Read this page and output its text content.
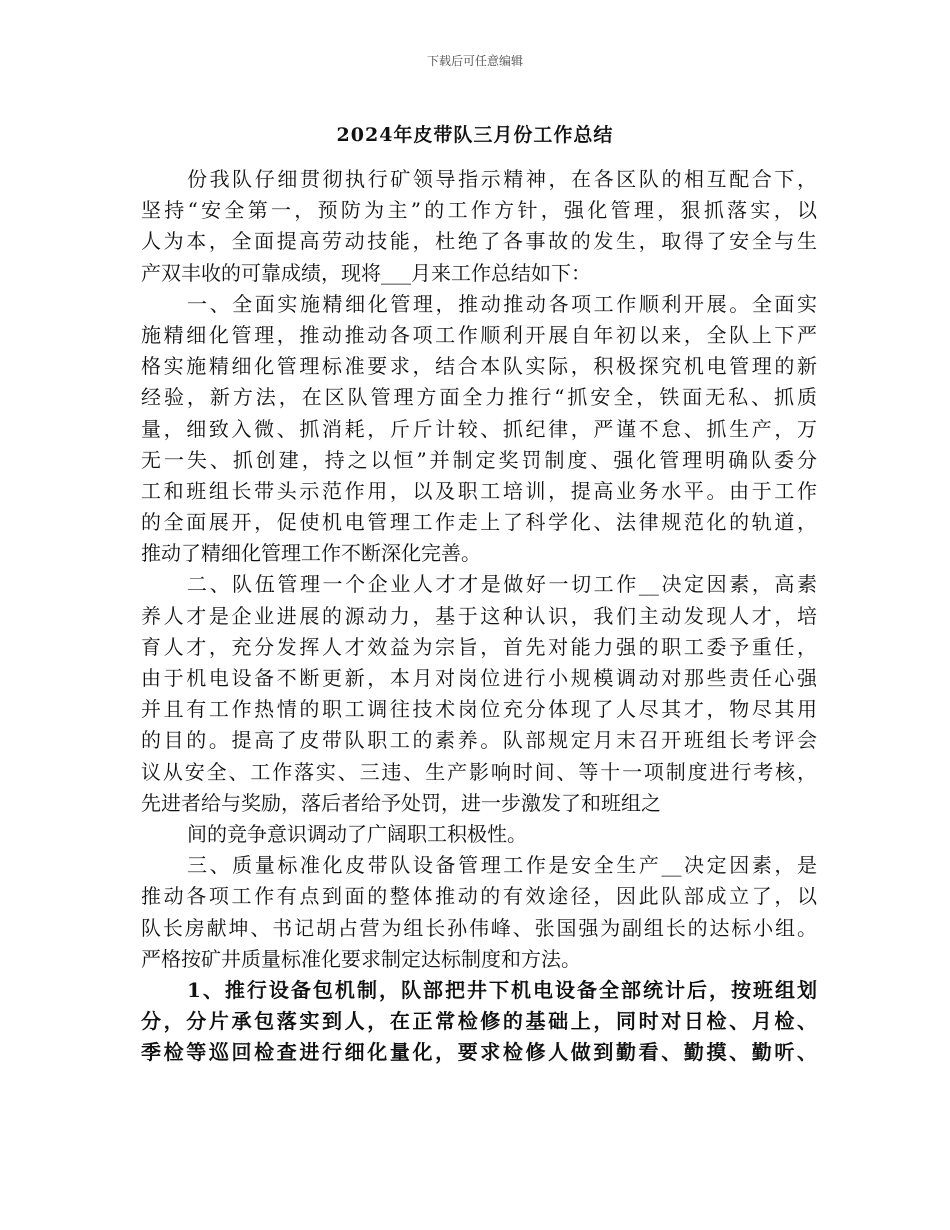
下载后可任意编辑
2024年皮带队三月份工作总结
份我队仔细贯彻执行矿领导指示精神，在各区队的相互配合下，
坚持“安全第一，预防为主”的工作方针，强化管理，狠抓落实，以
人为本，全面提高劳动技能，杜绝了各事故的发生，取得了安全与生
产双丰收的可靠成绩，现将___月来工作总结如下：
一、全面实施精细化管理，推动推动各项工作顺利开展。全面实
施精细化管理，推动推动各项工作顺利开展自年初以来，全队上下严
格实施精细化管理标准要求，结合本队实际，积极探究机电管理的新
经验，新方法，在区队管理方面全力推行“抓安全，铁面无私、抓质
量，细致入微、抓消耗，斤斤计较、抓纪律，严谨不怠、抓生产，万
无一失、抓创建，持之以恒”并制定奖罚制度、强化管理明确队委分
工和班组长带头示范作用，以及职工培训，提高业务水平。由于工作
的全面展开，促使机电管理工作走上了科学化、法律规范化的轨道，
推动了精细化管理工作不断深化完善。
二、队伍管理一个企业人才才是做好一切工作__决定因素，高素
养人才是企业进展的源动力，基于这种认识，我们主动发现人才，培
育人才，充分发挥人才效益为宗旨，首先对能力强的职工委予重任，
由于机电设备不断更新，本月对岗位进行小规模调动对那些责任心强
并且有工作热情的职工调往技术岗位充分体现了人尽其才，物尽其用
的目的。提高了皮带队职工的素养。队部规定月末召开班组长考评会
议从安全、工作落实、三违、生产影响时间、等十一项制度进行考核，
先进者给与奖励，落后者给予处罚，进一步激发了和班组之
间的竞争意识调动了广阔职工积极性。
三、质量标准化皮带队设备管理工作是安全生产__决定因素，是
推动各项工作有点到面的整体推动的有效途径，因此队部成立了，以
队长房献坤、书记胡占营为组长孙伟峰、张国强为副组长的达标小组。
严格按矿井质量标准化要求制定达标制度和方法。
1、推行设备包机制，队部把井下机电设备全部统计后，按班组划
分，分片承包落实到人，在正常检修的基础上，同时对日检、月检、
季检等巡回检查进行细化量化，要求检修人做到勤看、勤摸、勤听、
